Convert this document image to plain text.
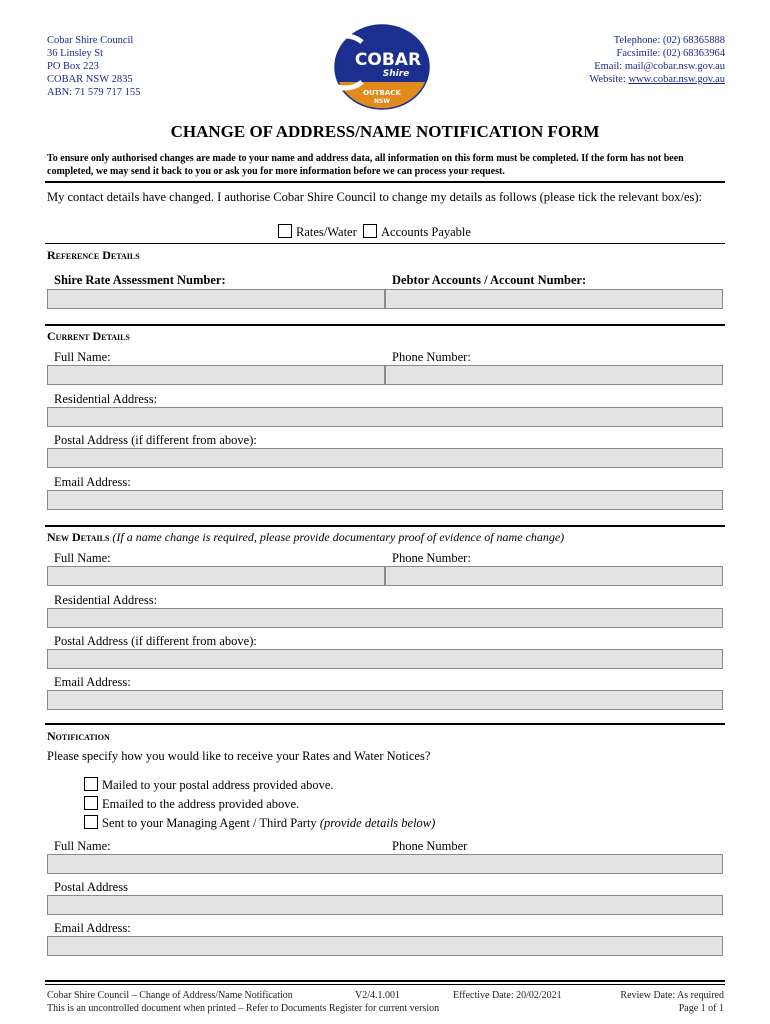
Cobar Shire Council
36 Linsley St
PO Box 223
COBAR NSW 2835
ABN: 71 579 717 155
COBAR
Shire
OUTBACK
NSW
Telephone: (02) 68365888
Facsimile: (02) 68363964
Email: mail@cobar.nsw.gov.au
Website: www.cobar.nsw.gov.au
CHANGE OF ADDRESS/NAME NOTIFICATION FORM
To ensure only authorised changes are made to your name and address data, all information on this form must be completed. If the form has not been completed, we may send it back to you or ask you for more information before we can process your request.
My contact details have changed. I authorise Cobar Shire Council to change my details as follows (please tick the relevant box/es):
Rates/Water Accounts Payable
Reference Details
Shire Rate Assessment Number:	Debtor Accounts / Account Number:
Current Details
Full Name:	Phone Number:
Residential Address:
Postal Address (if different from above):
Email Address:
New Details (If a name change is required, please provide documentary proof of evidence of name change)
Full Name:	Phone Number:
Residential Address:
Postal Address (if different from above):
Email Address:
Notification
Please specify how you would like to receive your Rates and Water Notices?
Mailed to your postal address provided above.
Emailed to the address provided above.
Sent to your Managing Agent / Third Party (provide details below)
Full Name:	Phone Number
Postal Address
Email Address:
Cobar Shire Council – Change of Address/Name Notification	V2/4.1.001	Effective Date: 20/02/2021	Review Date: As required
This is an uncontrolled document when printed – Refer to Documents Register for current version	Page 1 of 1
